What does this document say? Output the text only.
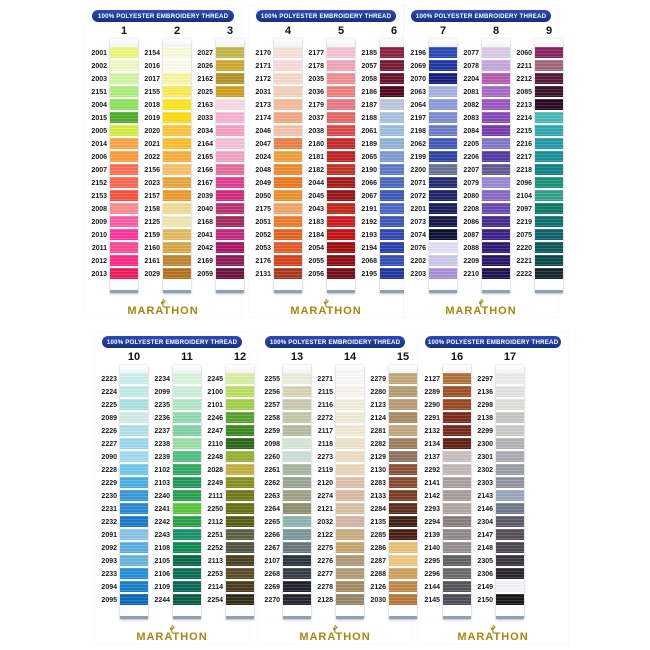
100% POLYESTER EMBROIDERY THREAD
1
2001
2002
2003
2151
2004
2015
2005
2014
2006
2007
2152
2153
2008
2009
2010
2011
2012
2013
2
2154
2016
2017
2155
2018
2019
2020
2021
2022
2156
2023
2157
2158
2125
2159
2160
2161
2029
3
2027
2026
2162
2025
2163
2033
2034
2164
2165
2166
2167
2039
2040
2168
2041
2042
2169
2059
MARATHON
100% POLYESTER EMBROIDERY THREAD
4
2170
2171
2172
2031
2173
2174
2046
2047
2024
2048
2049
2050
2175
2051
2052
2053
2176
2131
5
2177
2178
2035
2036
2179
2037
2038
2180
2181
2182
2044
2045
2043
2183
2184
2054
2055
2056
6
2185
2057
2058
2186
2187
2188
2061
2189
2065
2190
2066
2067
2191
2192
2193
2194
2068
2195
MARATHON
100% POLYESTER EMBROIDERY THREAD
7
2196
2069
2070
2063
2064
2197
2198
2062
2199
2200
2071
2072
2201
2073
2074
2076
2202
2203
8
2077
2078
2204
2081
2082
2083
2084
2205
2206
2207
2079
2080
2208
2086
2087
2088
2209
2210
9
2060
2211
2212
2085
2213
2214
2215
2216
2217
2218
2096
2104
2097
2219
2075
2220
2221
2222
MARATHON
100% POLYESTER EMBROIDERY THREAD
10
2223
2224
2225
2089
2226
2227
2090
2228
2229
2230
2231
2232
2091
2092
2093
2233
2094
2095
11
2234
2099
2235
2236
2237
2238
2239
2102
2103
2240
2241
2242
2243
2108
2105
2106
2109
2244
12
2245
2100
2101
2246
2247
2110
2248
2028
2249
2111
2250
2112
2251
2252
2113
2253
2114
2254
MARATHON
100% POLYESTER EMBROIDERY THREAD
13
2255
2256
2257
2258
2259
2098
2260
2261
2262
2263
2264
2265
2266
2267
2107
2268
2269
2270
14
2271
2115
2116
2272
2117
2118
2273
2119
2120
2274
2121
2032
2122
2275
2276
2277
2278
2128
15
2279
2280
2123
2124
2281
2282
2129
2130
2283
2133
2284
2135
2285
2286
2287
2288
2126
2030
MARATHON
100% POLYESTER EMBROIDERY THREAD
16
2127
2289
2290
2291
2132
2134
2137
2292
2141
2142
2293
2294
2139
2140
2295
2296
2144
2145
17
2297
2136
2298
2138
2299
2300
2301
2302
2303
2143
2146
2304
2147
2148
2305
2306
2149
2150
MARATHON
